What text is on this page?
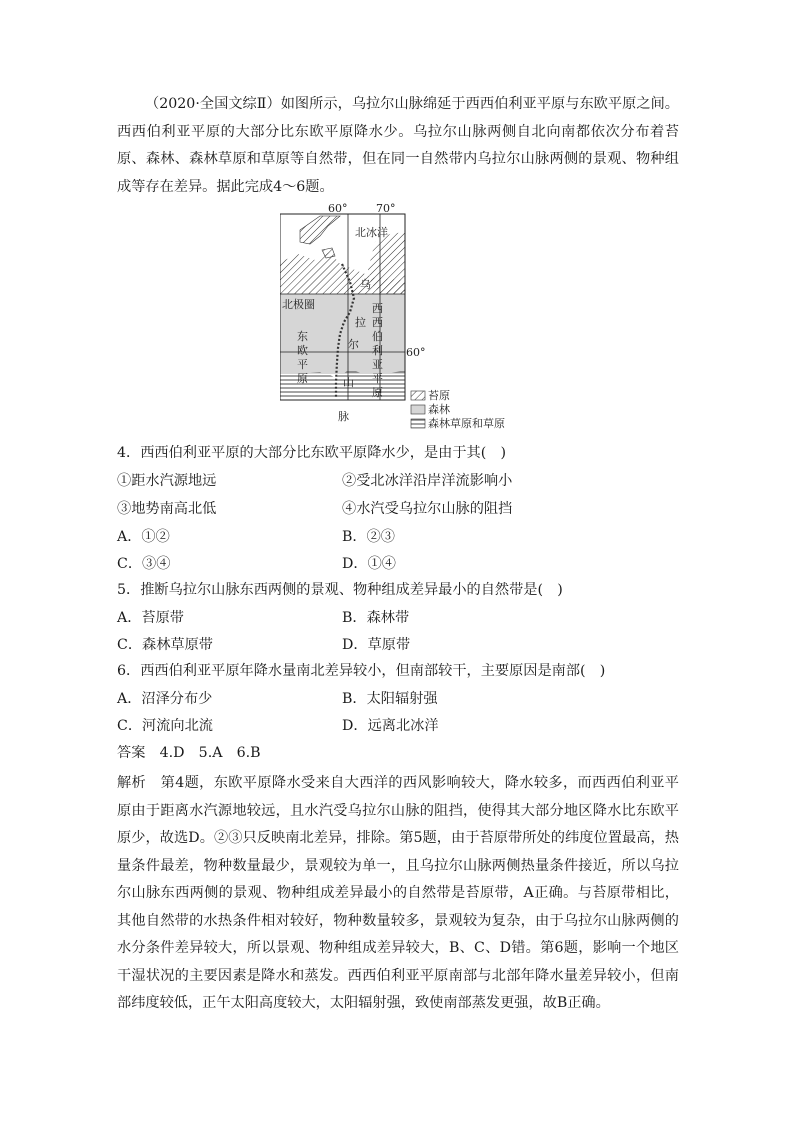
（2020·全国文综Ⅱ）如图所示，乌拉尔山脉绵延于西西伯利亚平原与东欧平原之间。西西伯利亚平原的大部分比东欧平原降水少。乌拉尔山脉两侧自北向南都依次分布着苔原、森林、森林草原和草原等自然带，但在同一自然带内乌拉尔山脉两侧的景观、物种组成等存在差异。据此完成4～6题。

60°	70°
60°
北冰洋
北极圈
东
欧
平
原
西
西
伯
利
亚
平
原
乌
拉
尔
山
脉
苔原
森林
森林草原和草原
4．西西伯利亚平原的大部分比东欧平原降水少，是由于其(　)
①距水汽源地远	②受北冰洋沿岸洋流影响小
③地势南高北低	④水汽受乌拉尔山脉的阻挡
A．①②	B．②③
C．③④	D．①④
5．推断乌拉尔山脉东西两侧的景观、物种组成差异最小的自然带是(　)
A．苔原带	B．森林带
C．森林草原带	D．草原带
6．西西伯利亚平原年降水量南北差异较小，但南部较干，主要原因是南部(　)
A．沼泽分布少	B．太阳辐射强
C．河流向北流	D．远离北冰洋
答案　4.D　5.A　6.B

解析　第4题，东欧平原降水受来自大西洋的西风影响较大，降水较多，而西西伯利亚平原由于距离水汽源地较远，且水汽受乌拉尔山脉的阻挡，使得其大部分地区降水比东欧平原少，故选D。②③只反映南北差异，排除。第5题，由于苔原带所处的纬度位置最高，热量条件最差，物种数量最少，景观较为单一，且乌拉尔山脉两侧热量条件接近，所以乌拉尔山脉东西两侧的景观、物种组成差异最小的自然带是苔原带，A正确。与苔原带相比，其他自然带的水热条件相对较好，物种数量较多，景观较为复杂，由于乌拉尔山脉两侧的水分条件差异较大，所以景观、物种组成差异较大，B、C、D错。第6题，影响一个地区干湿状况的主要因素是降水和蒸发。西西伯利亚平原南部与北部年降水量差异较小，但南部纬度较低，正午太阳高度较大，太阳辐射强，致使南部蒸发更强，故B正确。
